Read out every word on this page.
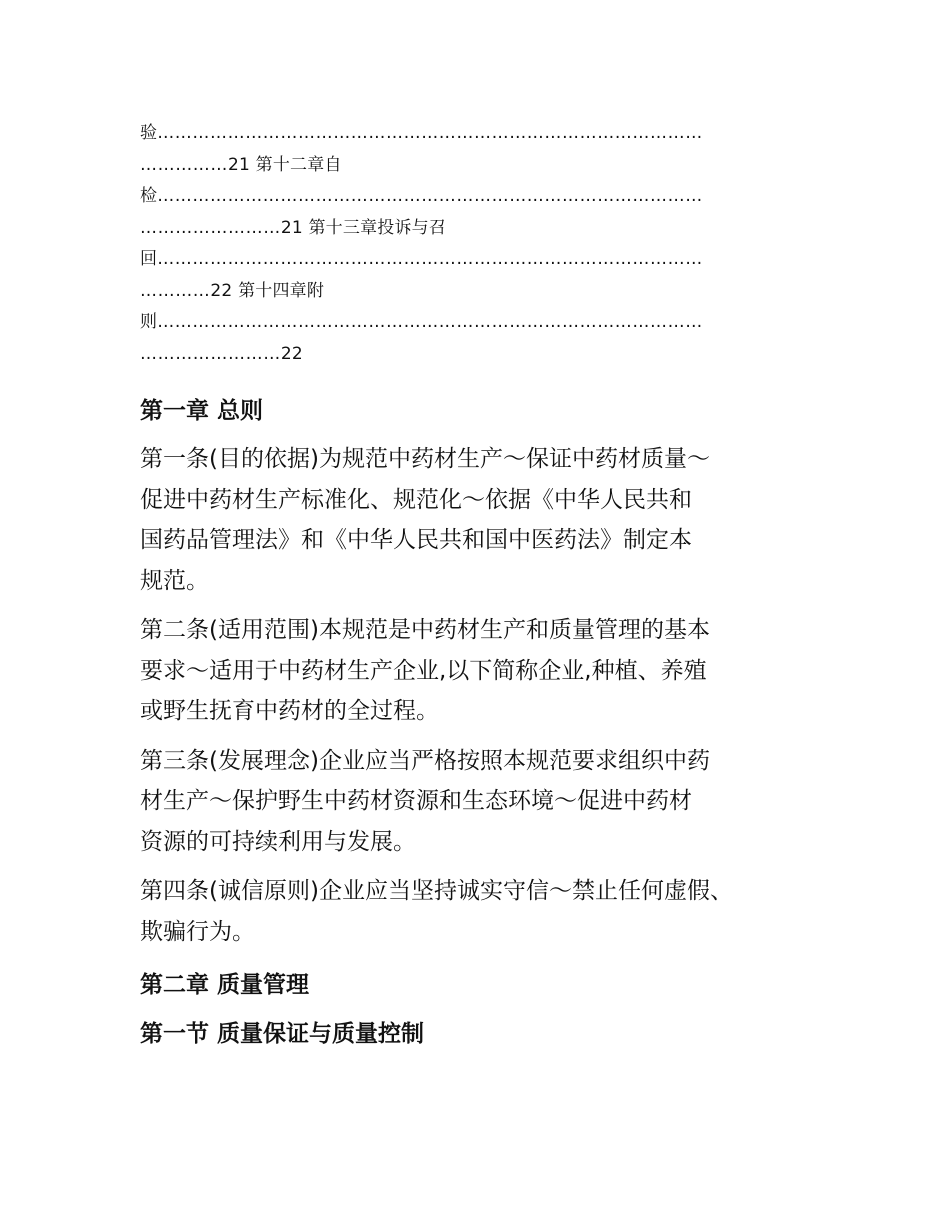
验…………………………………………………………………………………
……………21 第十二章自
检…………………………………………………………………………………
……………………21 第十三章投诉与召
回…………………………………………………………………………………
…………22 第十四章附
则…………………………………………………………………………………
……………………22
第一章 总则

第一条(目的依据)为规范中药材生产～保证中药材质量～
促进中药材生产标准化、规范化～依据《中华人民共和
国药品管理法》和《中华人民共和国中医药法》制定本
规范。

第二条(适用范围)本规范是中药材生产和质量管理的基本
要求～适用于中药材生产企业,以下简称企业,种植、养殖
或野生抚育中药材的全过程。

第三条(发展理念)企业应当严格按照本规范要求组织中药
材生产～保护野生中药材资源和生态环境～促进中药材
资源的可持续利用与发展。

第四条(诚信原则)企业应当坚持诚实守信～禁止任何虚假、
欺骗行为。

第二章 质量管理
第一节 质量保证与质量控制
